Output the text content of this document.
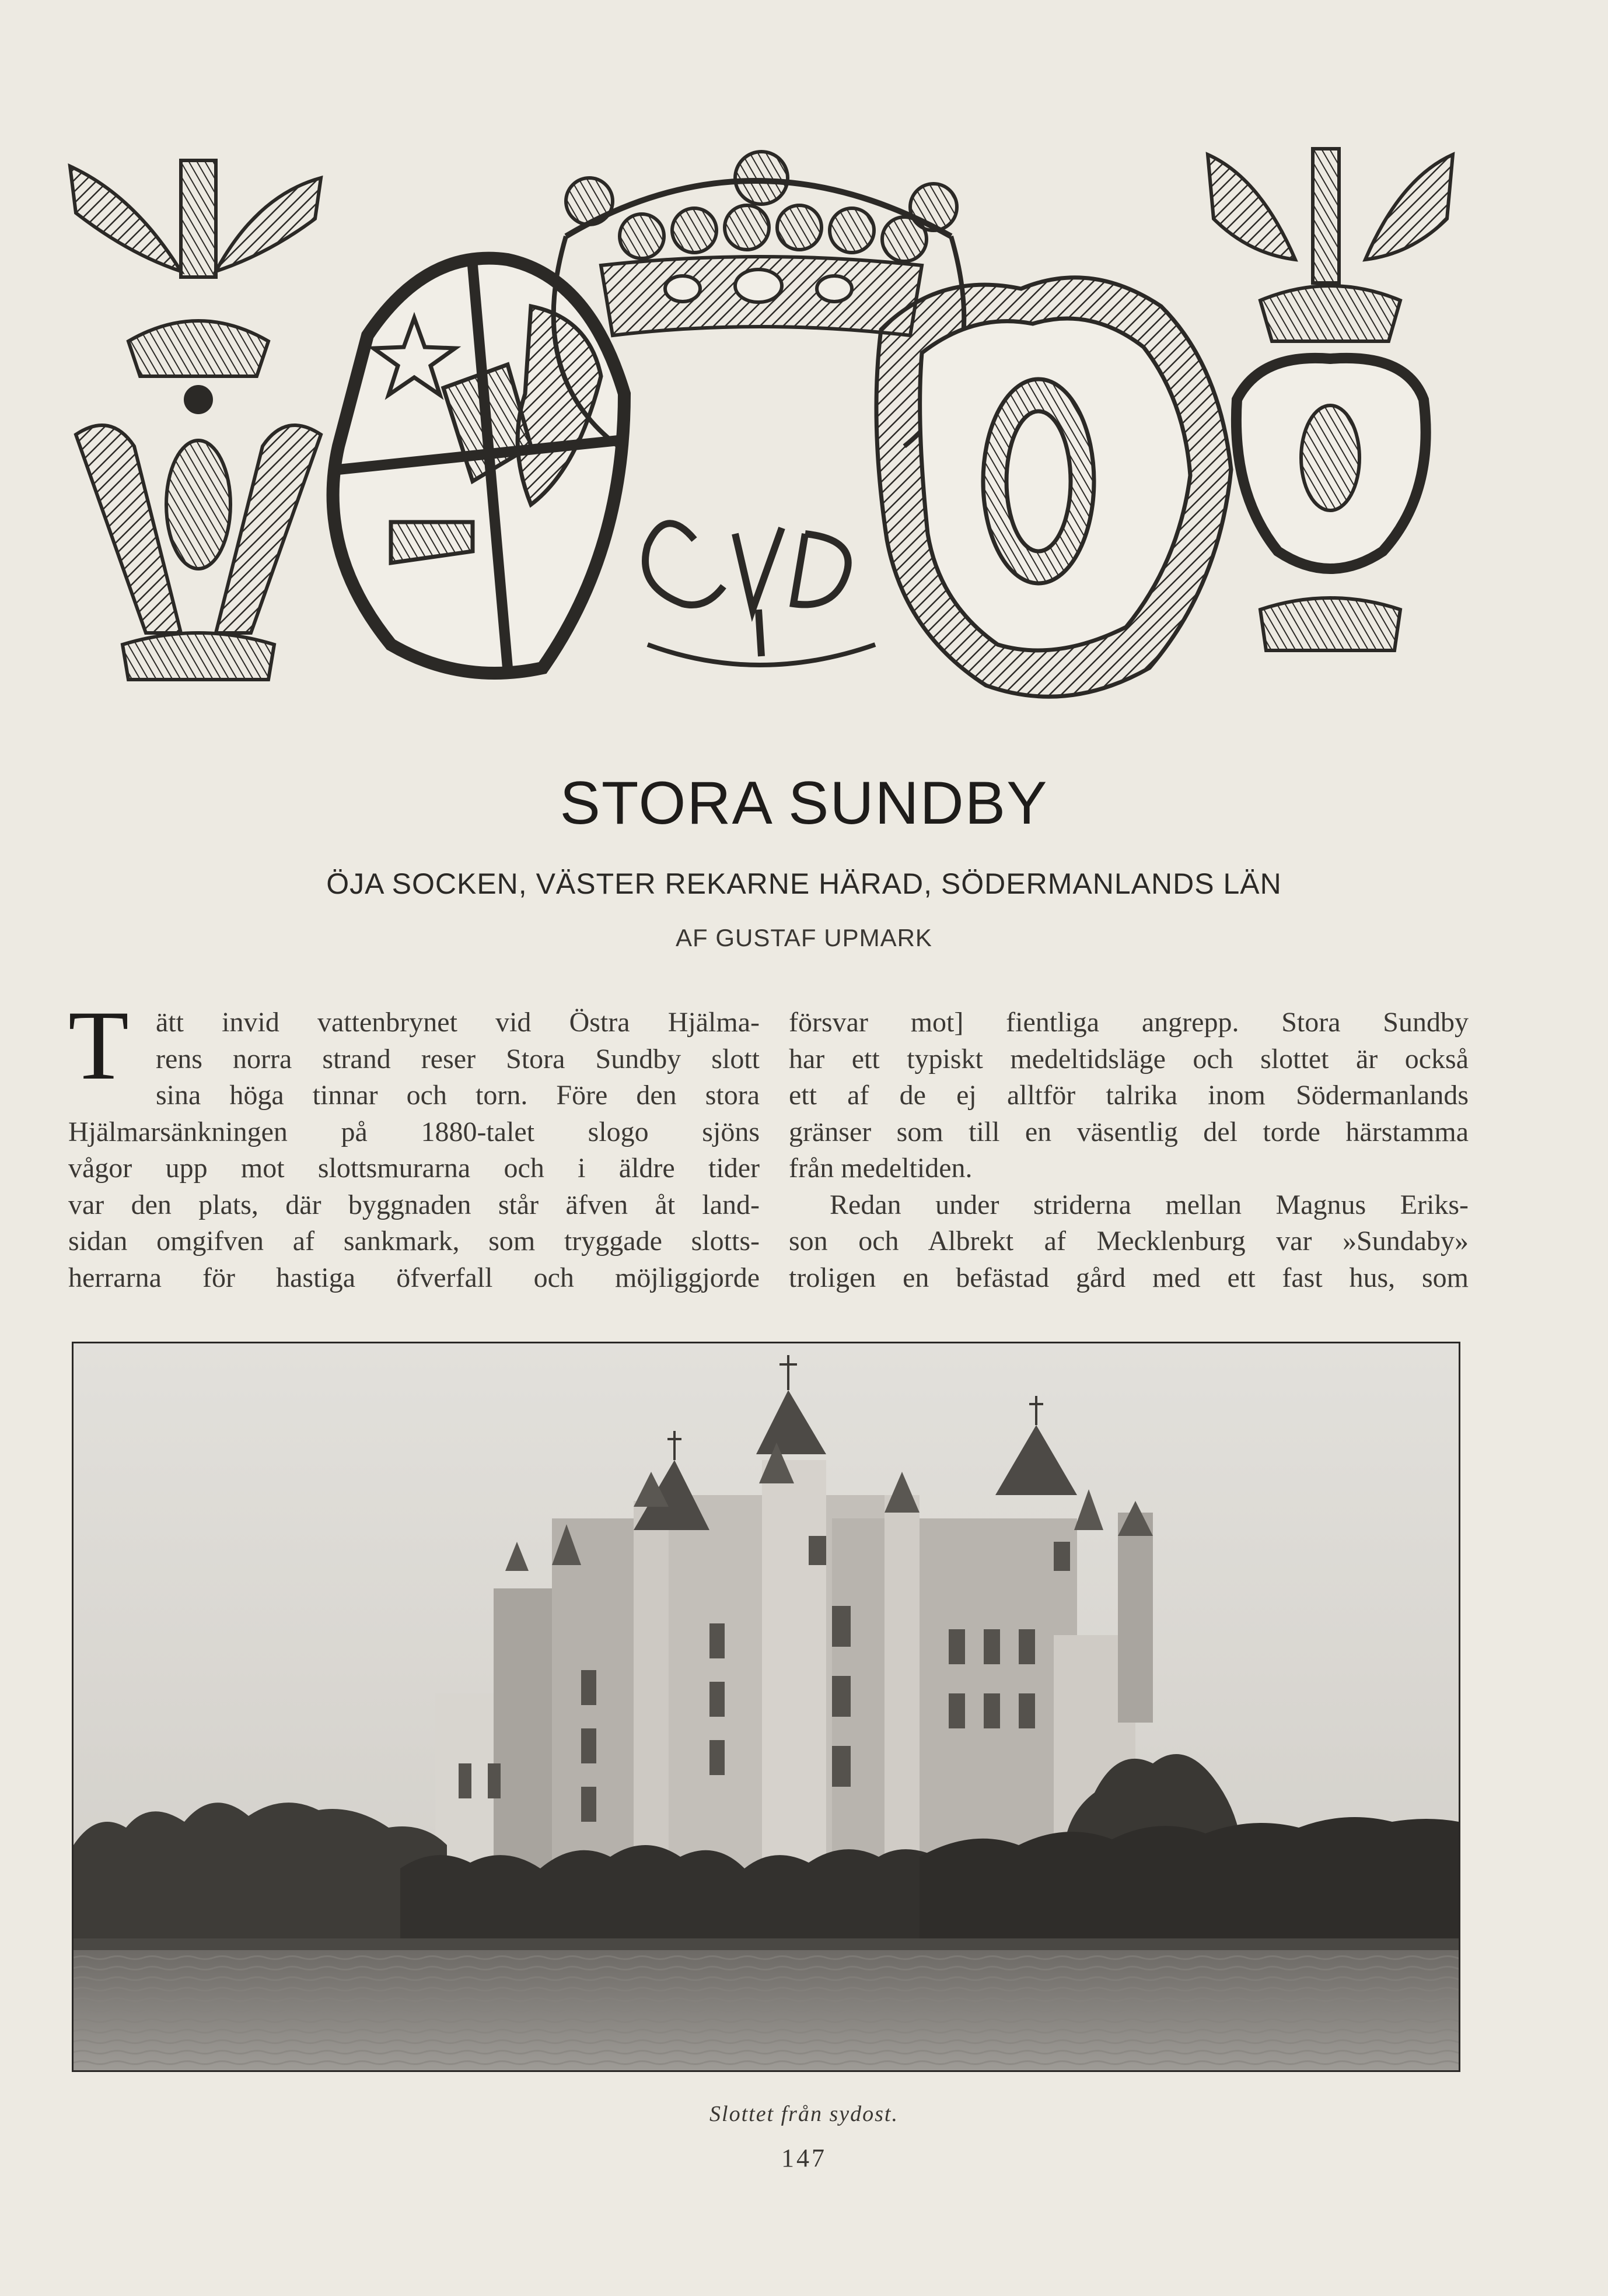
STORA SUNDBY
ÖJA SOCKEN, VÄSTER REKARNE HÄRAD, SÖDERMANLANDS LÄN
AF GUSTAF UPMARK
T ätt invid vattenbrynet vid Östra Hjälma-
rens norra strand reser Stora Sundby slott
sina höga tinnar och torn. Före den stora
Hjälmarsänkningen på 1880-talet slogo sjöns
vågor upp mot slottsmurarna och i äldre tider
var den plats, där byggnaden står äfven åt land-
sidan omgifven af sankmark, som tryggade slotts-
herrarna för hastiga öfverfall och möjliggjorde
försvar mot] fientliga angrepp. Stora Sundby
har ett typiskt medeltidsläge och slottet är också
ett af de ej alltför talrika inom Södermanlands
gränser som till en väsentlig del torde härstamma
från medeltiden.
Redan under striderna mellan Magnus Eriks-
son och Albrekt af Mecklenburg var »Sundaby»
troligen en befästad gård med ett fast hus, som
Slottet från sydost.
147
